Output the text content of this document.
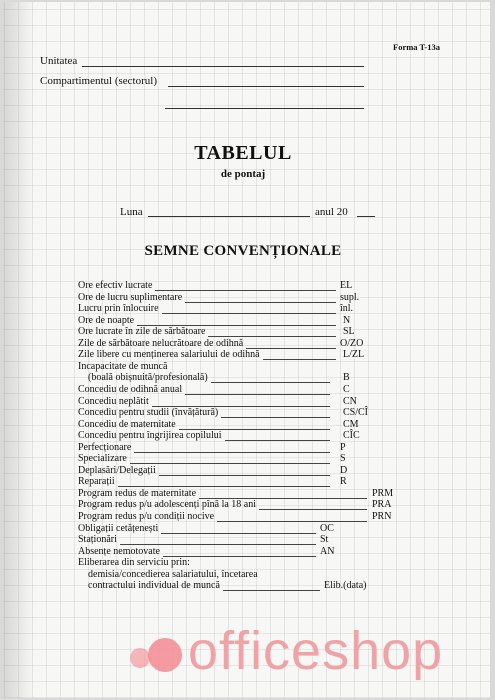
Forma T-13a
Unitatea
Compartimentul (sectorul)
TABELUL
de pontaj
Luna	anul 20
SEMNE CONVENȚIONALE
Ore efectiv lucrate	EL
Ore de lucru suplimentare	supl.
Lucru prin înlocuire	înl.
Ore de noapte	N
Ore lucrate în zile de sărbătoare	SL
Zile de sărbătoare nelucrătoare de odihnă	O/ZO
Zile libere cu menținerea salariului de odihnă	L/ZL
Incapacitate de muncă
(boală obișnuită/profesională)	B
Concediu de odihnă anual	C
Concediu neplătit	CN
Concediu pentru studii (învățătură)	CS/CÎ
Concediu de maternitate	CM
Concediu pentru îngrijirea copilului	CÎC
Perfecționare	P
Specializare	S
Deplasări/Delegații	D
Reparații	R
Program redus de maternitate	PRM
Program redus p/u adolescenți pînă la 18 ani	PRA
Program redus p/u condiții nocive	PRN
Obligații cetățenești	OC
Staționări	St
Absențe nemotovate	AN
Eliberarea din serviciu prin:
demisia/concedierea salariatului, încetarea
contractului individual de muncă	Elib.(data)
officeshop
